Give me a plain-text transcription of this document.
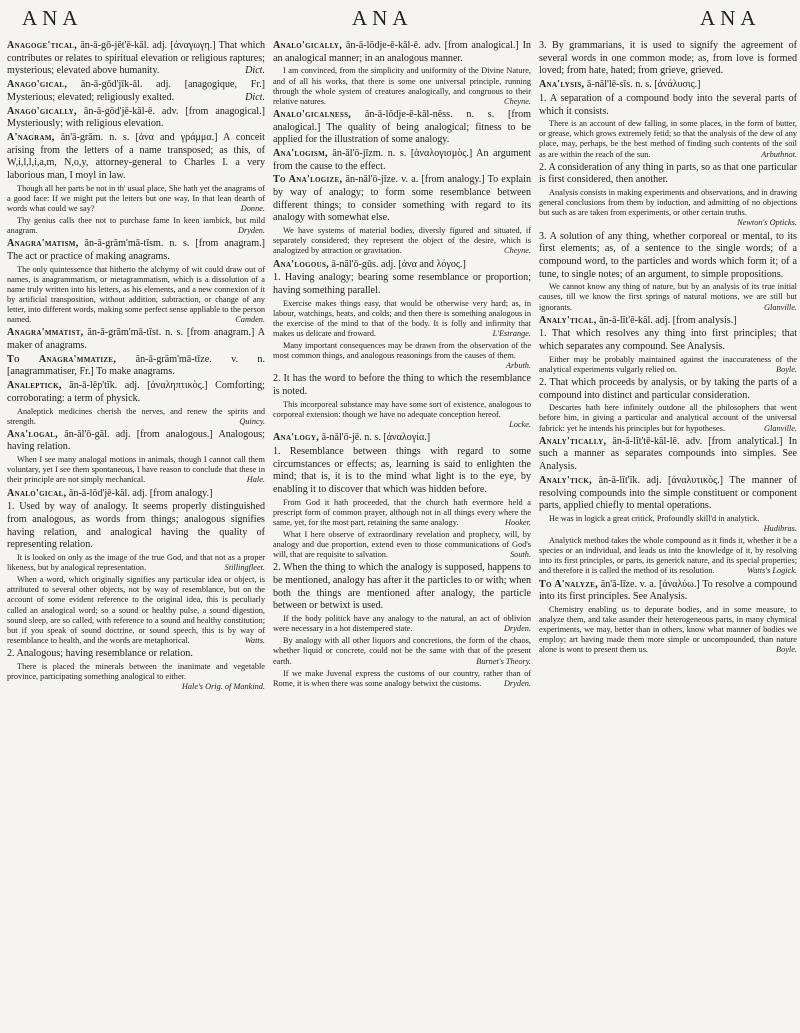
ANA	ANA	ANA
Anagoge'tical, ăn-ā-gō-jĕt'ē-kăl. adj. [ἀναγωγη.] That which contributes or relates to spiritual elevation or religious raptures; mysterious; elevated above humanity.	Dict.
Anago'gical, ăn-ā-gŏd'jīk-ăl. adj. [anagogique, Fr.] Mysterious; elevated; religiously exalted.	Dict.
Anago'gically, ăn-ā-gŏd'jē-kăl-ē. adv. [from anagogical.] Mysteriously; with religious elevation.
A'nagram, ăn'ā-grăm. n. s. [ἀνα and γράμμα.] A conceit arising from the letters of a name transposed; as this, of W,i,l,l,i,a,m, N,o,y, attorney-general to Charles I. a very laborious man, I moyl in law.
Though all her parts be not in th' usual place, She hath yet the anagrams of a good face: If we might put the letters but one way, In that lean dearth of words what could we say?	Donne.
Thy genius calls thee not to purchase fame In keen iambick, but mild anagram.	Dryden.
Anagra'matism, ăn-ā-grăm'mā-tĭsm. n. s. [from anagram.] The act or practice of making anagrams.
The only quintessence that hitherto the alchymy of wit could draw out of names, is anagrammatism, or metagrammatism, which is a dissolution of a name truly written into his letters, as his elements, and a new connexion of it by artificial transposition, without addition, subtraction, or change of any letter, into different words, making some perfect sense appliable to the person named.	Camden.
Anagra'mmatist, ăn-ā-grăm'mā-tĭst. n. s. [from anagram.] A maker of anagrams.
To Anagra'mmatize, ăn-ā-grăm'mā-tīze. v. n. [anagrammatiser, Fr.] To make anagrams.
Analeptick, ăn-ā-lĕp'tĭk. adj. [ἀναληπτικὸς.] Comforting; corroborating: a term of physick.
Analeptick medicines cherish the nerves, and renew the spirits and strength.	Quincy.
Ana'logal, ăn-ăl'ō-găl. adj. [from analogous.] Analogous; having relation.
When I see many analogal motions in animals, though I cannot call them voluntary, yet I see them spontaneous, I have reason to conclude that these in their principle are not simply mechanical.	Hale.
Analo'gical, ăn-ā-lŏd'jē-kăl. adj. [from analogy.]
1. Used by way of analogy. It seems properly distinguished from analogous, as words from things; analogous signifies having relation, and analogical having the quality of representing relation.
It is looked on only as the image of the true God, and that not as a proper likeness, but by analogical representation.	Stillingfleet.
When a word, which originally signifies any particular idea or object, is attributed to several other objects, not by way of resemblance, but on the account of some evident reference to the original idea, this is peculiarly called an analogical word; so a sound or healthy pulse, a sound digestion, sound sleep, are so called, with reference to a sound and healthy constitution; but if you speak of sound doctrine, or sound speech, this is by way of resemblance to health, and the words are metaphorical.	Watts.
2. Analogous; having resemblance or relation.
There is placed the minerals between the inanimate and vegetable province, participating something analogical to either.
Hale's Orig. of Mankind.
Analo'gically, ăn-ā-lŏdje-ē-kăl-ē. adv. [from analogical.] In an analogical manner; in an analogous manner.
I am convinced, from the simplicity and uniformity of the Divine Nature, and of all his works, that there is some one universal principle, running through the whole system of creatures analogically, and congruous to their relative natures.	Cheyne.
Analo'gicalness, ăn-ā-lŏdje-ē-kăl-nĕss. n. s. [from analogical.] The quality of being analogical; fitness to be applied for the illustration of some analogy.
Ana'logism, ăn-ăl'ō-jĭzm. n. s. [ἀναλογισμὸς.] An argument from the cause to the effect.
To Ana'logize, ăn-năl'ō-jīze. v. a. [from analogy.] To explain by way of analogy; to form some resemblance between different things; to consider something with regard to its analogy with somewhat else.
We have systems of material bodies, diversly figured and situated, if separately considered; they represent the object of the desire, which is analogized by attraction or gravitation.	Cheyne.
Ana'logous, ā-năl'ō-gŭs. adj. [ἀνα and λόγος.]
1. Having analogy; bearing some resemblance or proportion; having something parallel.
Exercise makes things easy, that would be otherwise very hard; as, in labour, watchings, heats, and colds; and then there is something analogous in the exercise of the mind to that of the body. It is folly and infirmity that makes us delicate and froward.	L'Estrange.
Many important consequences may be drawn from the observation of the most common things, and analogous reasonings from the causes of them.
Arbuth.
2. It has the word to before the thing to which the resemblance is noted.
This incorporeal substance may have some sort of existence, analogous to corporeal extension: though we have no adequate conception hereof.
Locke.
Ana'logy, ā-năl'ō-jē. n. s. [ἀναλογία.]
1. Resemblance between things with regard to some circumstances or effects; as, learning is said to enlighten the mind; that is, it is to the mind what light is to the eye, by enabling it to discover that which was hidden before.
From God it hath proceeded, that the church hath evermore held a prescript form of common prayer, although not in all things every where the same, yet, for the most part, retaining the same analogy.	Hooker.
What I here observe of extraordinary revelation and prophecy, will, by analogy and due proportion, extend even to those communications of God's will, that are requisite to salvation.	South.
2. When the thing to which the analogy is supposed, happens to be mentioned, analogy has after it the particles to or with; when both the things are mentioned after analogy, the particle between or betwixt is used.
If the body politick have any analogy to the natural, an act of oblivion were necessary in a hot distempered state.	Dryden.
By analogy with all other liquors and concretions, the form of the chaos, whether liquid or concrete, could not be the same with that of the present earth.	Burnet's Theory.
If we make Juvenal express the customs of our country, rather than of Rome, it is when there was some analogy betwixt the customs.	Dryden.
3. By grammarians, it is used to signify the agreement of several words in one common mode; as, from love is formed loved; from hate, hated; from grieve, grieved.
Ana'lysis, ā-năl'lē-sĭs. n. s. [ἀνάλυσις.]
1. A separation of a compound body into the several parts of which it consists.
There is an account of dew falling, in some places, in the form of butter, or grease, which grows extremely fetid; so that the analysis of the dew of any place, may, perhaps, be the best method of finding such contents of the soil as are within the reach of the sun.	Arbuthnot.
2. A consideration of any thing in parts, so as that one particular is first considered, then another.
Analysis consists in making experiments and observations, and in drawing general conclusions from them by induction, and admitting of no objections but such as are taken from experiments, or other certain truths.
Newton's Opticks.
3. A solution of any thing, whether corporeal or mental, to its first elements; as, of a sentence to the single words; of a compound word, to the particles and words which form it; of a tune, to single notes; of an argument, to simple propositions.
We cannot know any thing of nature, but by an analysis of its true initial causes, till we know the first springs of natural motions, we are still but ignorants.	Glanville.
Analy'tical, ăn-ā-lĭt'ē-kăl. adj. [from analysis.]
1. That which resolves any thing into first principles; that which separates any compound. See Analysis.
Either may be probably maintained against the inaccurateness of the analytical experiments vulgarly relied on.	Boyle.
2. That which proceeds by analysis, or by taking the parts of a compound into distinct and particular consideration.
Descartes hath here infinitely outdone all the philosophers that went before him, in giving a particular and analytical account of the universal fabrick: yet he intends his principles but for hypotheses.	Glanville.
Analy'tically, ăn-ā-lĭt'tē-kăl-lē. adv. [from analytical.] In such a manner as separates compounds into simples. See Analysis.
Analy'tick, ăn-ā-lĭt'ĭk. adj. [ἀναλυτικὸς.] The manner of resolving compounds into the simple constituent or component parts, applied chiefly to mental operations.
He was in logick a great critick, Profoundly skill'd in analytick.
Hudibras.
Analytick method takes the whole compound as it finds it, whether it be a species or an individual, and leads us into the knowledge of it, by resolving into its first principles, or parts, its generick nature, and its special properties; and therefore it is called the method of its resolution.	Watts's Logick.
To A'nalyze, ăn'ā-līze. v. a. [ἀναλύω.] To resolve a compound into its first principles. See Analysis.
Chemistry enabling us to depurate bodies, and in some measure, to analyze them, and take asunder their heterogeneous parts, in many chymical experiments, we may, better than in others, know what manner of bodies we employ; art having made them more simple or uncompounded, than nature alone is wont to present them us.	Boyle.
